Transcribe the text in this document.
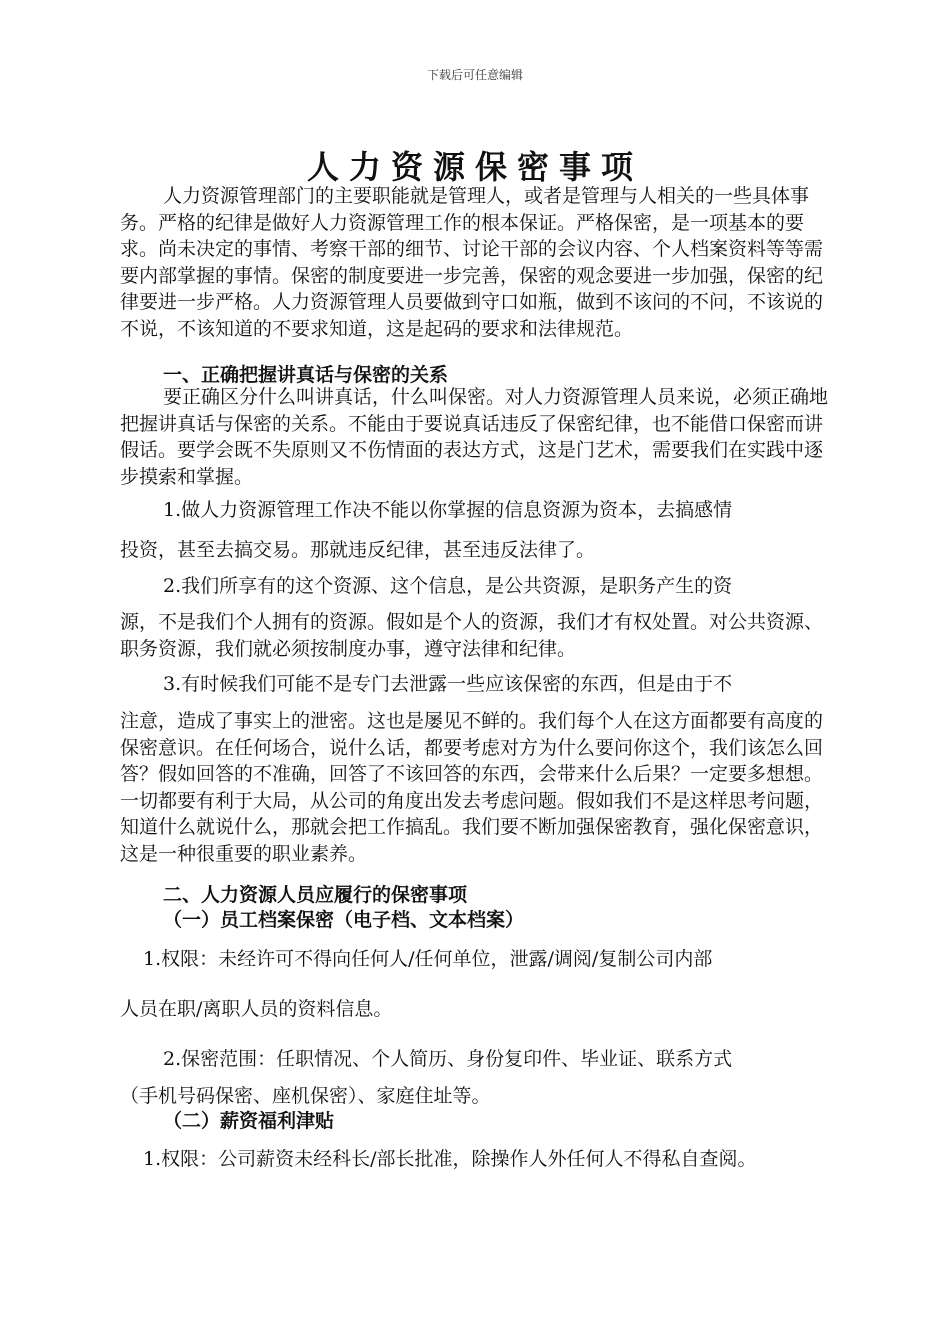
下载后可任意编辑
人力资源保密事项
人力资源管理部门的主要职能就是管理人，或者是管理与人相关的一些具体事务。严格的纪律是做好人力资源管理工作的根本保证。严格保密，是一项基本的要求。尚未决定的事情、考察干部的细节、讨论干部的会议内容、个人档案资料等等需要内部掌握的事情。保密的制度要进一步完善，保密的观念要进一步加强，保密的纪律要进一步严格。人力资源管理人员要做到守口如瓶，做到不该问的不问，不该说的不说，不该知道的不要求知道，这是起码的要求和法律规范。
一、正确把握讲真话与保密的关系
要正确区分什么叫讲真话，什么叫保密。对人力资源管理人员来说，必须正确地把握讲真话与保密的关系。不能由于要说真话违反了保密纪律，也不能借口保密而讲假话。要学会既不失原则又不伤情面的表达方式，这是门艺术，需要我们在实践中逐步摸索和掌握。
1.做人力资源管理工作决不能以你掌握的信息资源为资本，去搞感情
投资，甚至去搞交易。那就违反纪律，甚至违反法律了。
2.我们所享有的这个资源、这个信息，是公共资源，是职务产生的资
源，不是我们个人拥有的资源。假如是个人的资源，我们才有权处置。对公共资源、职务资源，我们就必须按制度办事，遵守法律和纪律。
3.有时候我们可能不是专门去泄露一些应该保密的东西，但是由于不
注意，造成了事实上的泄密。这也是屡见不鲜的。我们每个人在这方面都要有高度的保密意识。在任何场合，说什么话，都要考虑对方为什么要问你这个，我们该怎么回答？假如回答的不准确，回答了不该回答的东西，会带来什么后果？一定要多想想。一切都要有利于大局，从公司的角度出发去考虑问题。假如我们不是这样思考问题，知道什么就说什么，那就会把工作搞乱。我们要不断加强保密教育，强化保密意识，这是一种很重要的职业素养。
二、人力资源人员应履行的保密事项
（一）员工档案保密（电子档、文本档案）
1.权限：未经许可不得向任何人/任何单位，泄露/调阅/复制公司内部
人员在职/离职人员的资料信息。
2.保密范围：任职情况、个人简历、身份复印件、毕业证、联系方式
（手机号码保密、座机保密）、家庭住址等。
（二）薪资福利津贴
1.权限：公司薪资未经科长/部长批准，除操作人外任何人不得私自查阅。
